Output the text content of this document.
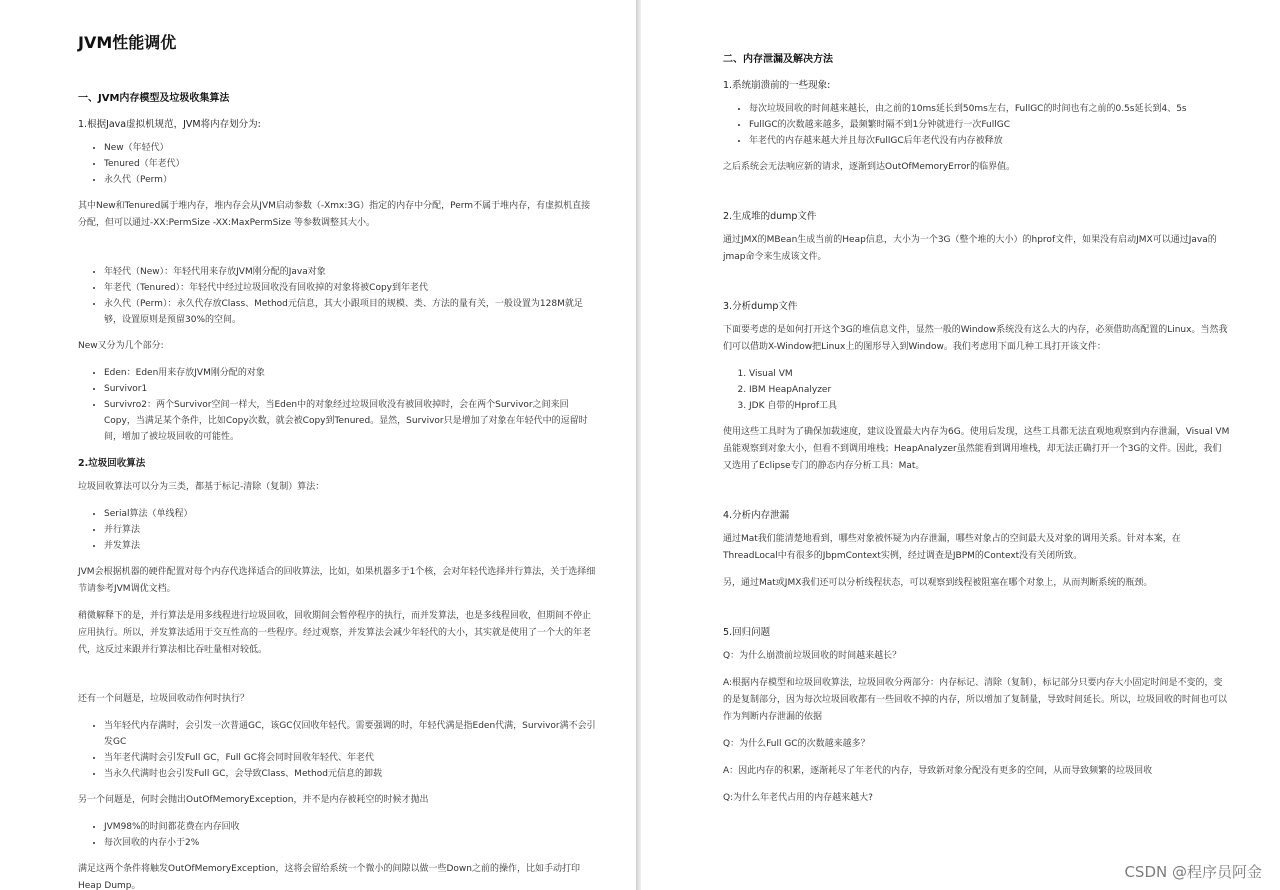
JVM性能调优
一、JVM内存模型及垃圾收集算法
1.根据Java虚拟机规范，JVM将内存划分为:
• New（年轻代）
• Tenured（年老代）
• 永久代（Perm）

其中New和Tenured属于堆内存，堆内存会从JVM启动参数（-Xmx:3G）指定的内存中分配，Perm不属于堆内存，有虚拟机直接分配，但可以通过-XX:PermSize -XX:MaxPermSize 等参数调整其大小。

• 年轻代（New）：年轻代用来存放JVM刚分配的Java对象
• 年老代（Tenured）：年轻代中经过垃圾回收没有回收掉的对象将被Copy到年老代
• 永久代（Perm）：永久代存放Class、Method元信息，其大小跟项目的规模、类、方法的量有关，一般设置为128M就足够，设置原则是预留30%的空间。

New又分为几个部分:

• Eden：Eden用来存放JVM刚分配的对象
• Survivor1
• Survivro2：两个Survivor空间一样大，当Eden中的对象经过垃圾回收没有被回收掉时，会在两个Survivor之间来回Copy，当满足某个条件，比如Copy次数，就会被Copy到Tenured。显然，Survivor只是增加了对象在年轻代中的逗留时间，增加了被垃圾回收的可能性。
2.垃圾回收算法

垃圾回收算法可以分为三类，都基于标记-清除（复制）算法：

• Serial算法（单线程）
• 并行算法
• 并发算法

JVM会根据机器的硬件配置对每个内存代选择适合的回收算法，比如，如果机器多于1个核，会对年轻代选择并行算法，关于选择细节请参考JVM调优文档。

稍微解释下的是，并行算法是用多线程进行垃圾回收，回收期间会暂停程序的执行，而并发算法，也是多线程回收，但期间不停止应用执行。所以，并发算法适用于交互性高的一些程序。经过观察，并发算法会减少年轻代的大小，其实就是使用了一个大的年老代，这反过来跟并行算法相比吞吐量相对较低。

还有一个问题是，垃圾回收动作何时执行？

• 当年轻代内存满时，会引发一次普通GC，该GC仅回收年轻代。需要强调的时，年轻代满是指Eden代满，Survivor满不会引发GC
• 当年老代满时会引发Full GC，Full GC将会同时回收年轻代、年老代
• 当永久代满时也会引发Full GC，会导致Class、Method元信息的卸载

另一个问题是，何时会抛出OutOfMemoryException，并不是内存被耗空的时候才抛出

• JVM98%的时间都花费在内存回收
• 每次回收的内存小于2%

满足这两个条件将触发OutOfMemoryException，这将会留给系统一个微小的间隙以做一些Down之前的操作，比如手动打印Heap Dump。

二、内存泄漏及解决方法
1.系统崩溃前的一些现象:
• 每次垃圾回收的时间越来越长，由之前的10ms延长到50ms左右，FullGC的时间也有之前的0.5s延长到4、5s
• FullGC的次数越来越多，最频繁时隔不到1分钟就进行一次FullGC
• 年老代的内存越来越大并且每次FullGC后年老代没有内存被释放

之后系统会无法响应新的请求，逐渐到达OutOfMemoryError的临界值。

2.生成堆的dump文件

通过JMX的MBean生成当前的Heap信息，大小为一个3G（整个堆的大小）的hprof文件，如果没有启动JMX可以通过Java的jmap命令来生成该文件。

3.分析dump文件

下面要考虑的是如何打开这个3G的堆信息文件，显然一般的Window系统没有这么大的内存，必须借助高配置的Linux。当然我们可以借助X-Window把Linux上的图形导入到Window。我们考虑用下面几种工具打开该文件：

1. Visual VM
2. IBM HeapAnalyzer
3. JDK 自带的Hprof工具

使用这些工具时为了确保加载速度，建议设置最大内存为6G。使用后发现，这些工具都无法直观地观察到内存泄漏，Visual VM虽能观察到对象大小，但看不到调用堆栈；HeapAnalyzer虽然能看到调用堆栈，却无法正确打开一个3G的文件。因此，我们又选用了Eclipse专门的静态内存分析工具：Mat。

4.分析内存泄漏

通过Mat我们能清楚地看到，哪些对象被怀疑为内存泄漏，哪些对象占的空间最大及对象的调用关系。针对本案，在ThreadLocal中有很多的JbpmContext实例，经过调查是JBPM的Context没有关闭所致。

另，通过Mat或JMX我们还可以分析线程状态，可以观察到线程被阻塞在哪个对象上，从而判断系统的瓶颈。

5.回归问题

Q：为什么崩溃前垃圾回收的时间越来越长？

A:根据内存模型和垃圾回收算法，垃圾回收分两部分：内存标记、清除（复制），标记部分只要内存大小固定时间是不变的，变的是复制部分，因为每次垃圾回收都有一些回收不掉的内存，所以增加了复制量，导致时间延长。所以，垃圾回收的时间也可以作为判断内存泄漏的依据

Q：为什么Full GC的次数越来越多？

A：因此内存的积累，逐渐耗尽了年老代的内存，导致新对象分配没有更多的空间，从而导致频繁的垃圾回收

Q:为什么年老代占用的内存越来越大?

CSDN @程序员阿金
